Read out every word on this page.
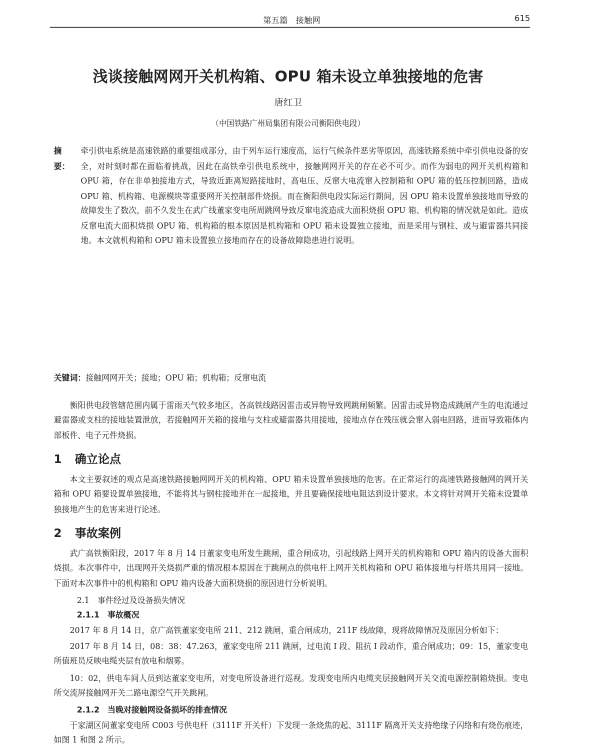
第五篇　接触网	615
浅谈接触网网开关机构箱、OPU 箱未设立单独接地的危害
唐红卫
（中国铁路广州局集团有限公司衡阳供电段）
摘　要：
牵引供电系统是高速铁路的重要组成部分，由于列车运行速度高，运行气候条件恶劣等原因，高速铁路系统中牵引供电设备的安全，对时刻时都在面临着挑战，因此在高铁牵引供电系统中，接触网网开关的存在必不可少。而作为弱电的网开关机构箱和 OPU 箱，存在非单独接地方式，导致近距离短路接地时，高电压、反窜大电流窜入控制箱和 OPU 箱的低压控制回路，造成 OPU 箱、机构箱、电源模块等重要网开关控制部件烧损。而在衡阳供电段实际运行期间，因 OPU 箱未设置单独接地而导致的故障发生了数次，前不久发生在武广线董家变电所周跳网导致反窜电流造成大面积烧损 OPU 箱、机构箱的情况就是如此。造成反窜电流大面积烧损 OPU 箱、机构箱的根本原因是机构箱和 OPU 箱未设置独立接地，而是采用与钢柱、或与避雷器共同接地。本文就机构箱和 OPU 箱未设置独立接地而存在的设备故障隐患进行说明。
关键词：接触网网开关；接地；OPU 箱；机构箱；反窜电流

衡阳供电段管辖范围内属于雷雨天气较多地区，各高铁线路因雷击或异物导致网跳闸频繁。因雷击或异物造成跳闸产生的电流通过避雷器或支柱的接地装置泄放，若接触网开关箱的接地与支柱或避雷器共用接地，接地点存在残压就会窜入弱电回路，进而导致箱体内部板件、电子元件烧损。

1 确立论点

本文主要叙述的观点是高速铁路接触网网开关的机构箱、OPU 箱未设置单独接地的危害。在正常运行的高速铁路接触网的网开关箱和 OPU 箱要设置单独接地，不能将其与钢柱接地并在一起接地，并且要确保接地电阻达到设计要求。本文将针对网开关箱未设置单独接地产生的危害来进行论述。

2 事故案例

武广高铁衡阳段，2017 年 8 月 14 日董家变电所发生跳闸，重合闸成功，引起线路上网开关的机构箱和 OPU 箱内的设备大面积烧损。本次事件中，出现网开关烧损严重的情况根本原因在于跳闸点的供电杆上网开关机构箱和 OPU 箱体接地与杆塔共用同一接地。下面对本次事件中的机构箱和 OPU 箱内设备大面积烧损的原因进行分析说明。

2.1　事件经过及设备损失情况
2.1.1　事故概况

2017 年 8 月 14 日，京广高铁董家变电所 211、212 跳闸，重合闸成功，211F 线故障，现将故障情况及原因分析如下：

2017 年 8 月 14 日，08：38：47.263，董家变电所 211 跳闸，过电流 I 段、阻抗 I 段动作，重合闸成功；09：15，董家变电所值班员反映电缆夹层有放电和烟雾。

10：02，供电车间人员到达董家变电所，对变电所设备进行巡视。发现变电所内电缆夹层接触网开关交流电源控制箱烧损。变电所交流屏接触网开关二路电源空气开关跳闸。

2.1.2　当晚对接触网设备损坏的排查情况

于家湖区间董家变电所 C003 号供电杆（3111F 开关杆）下发现一条烧焦的起、3111F 隔离开关支持绝缘子闪络和有烧伤痕迹，如图 1 和图 2 所示。
